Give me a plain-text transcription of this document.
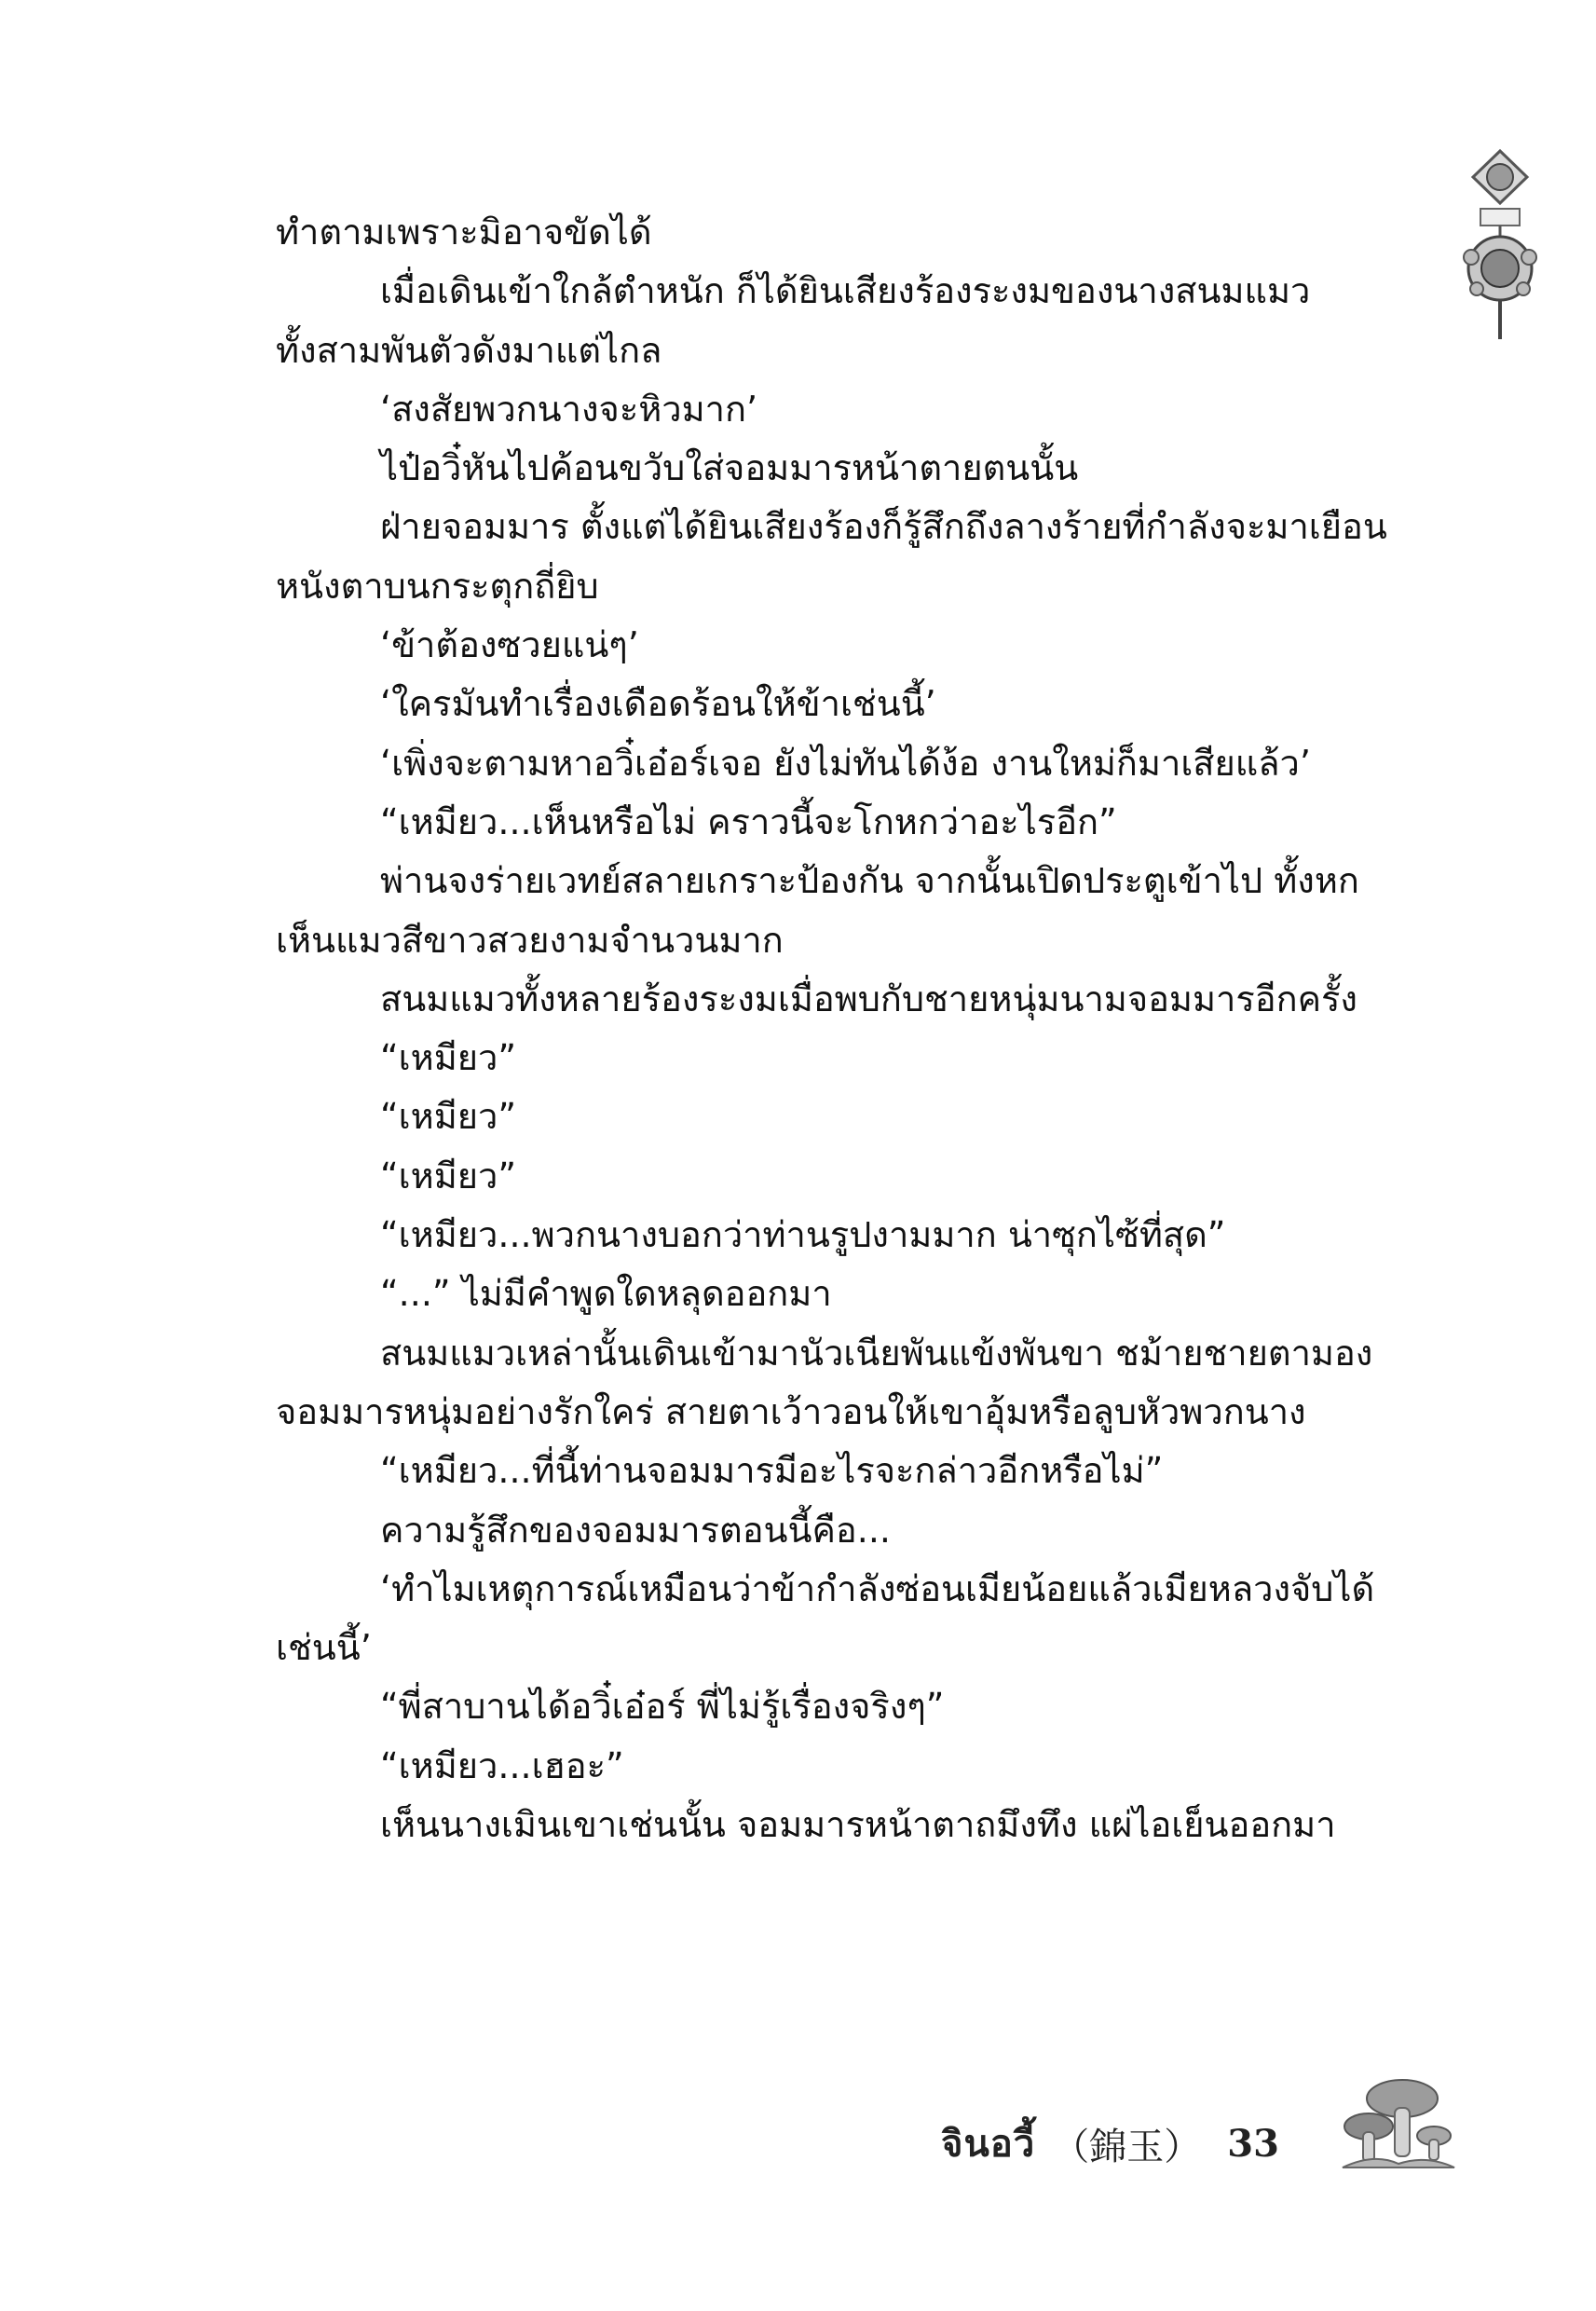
ทำตามเพราะมิอาจขัดได้
เมื่อเดินเข้าใกล้ตำหนัก ก็ได้ยินเสียงร้องระงมของนางสนมแมว
ทั้งสามพันตัวดังมาแต่ไกล
‘สงสัยพวกนางจะหิวมาก’
ไป๋อวิ๋หันไปค้อนขวับใส่จอมมารหน้าตายตนนั้น
ฝ่ายจอมมาร ตั้งแต่ได้ยินเสียงร้องก็รู้สึกถึงลางร้ายที่กำลังจะมาเยือน
หนังตาบนกระตุกถี่ยิบ
‘ข้าต้องซวยแน่ๆ’
‘ใครมันทำเรื่องเดือดร้อนให้ข้าเช่นนี้’
‘เพิ่งจะตามหาอวิ๋เอ๋อร์เจอ ยังไม่ทันได้ง้อ งานใหม่ก็มาเสียแล้ว’
“เหมียว...เห็นหรือไม่ คราวนี้จะโกหกว่าอะไรอีก”
พ่านจงร่ายเวทย์สลายเกราะป้องกัน จากนั้นเปิดประตูเข้าไป ทั้งหก
เห็นแมวสีขาวสวยงามจำนวนมาก
สนมแมวทั้งหลายร้องระงมเมื่อพบกับชายหนุ่มนามจอมมารอีกครั้ง
“เหมียว”
“เหมียว”
“เหมียว”
“เหมียว...พวกนางบอกว่าท่านรูปงามมาก น่าซุกไซ้ที่สุด”
“...” ไม่มีคำพูดใดหลุดออกมา
สนมแมวเหล่านั้นเดินเข้ามานัวเนียพันแข้งพันขา ชม้ายชายตามอง
จอมมารหนุ่มอย่างรักใคร่ สายตาเว้าวอนให้เขาอุ้มหรือลูบหัวพวกนาง
“เหมียว...ที่นี้ท่านจอมมารมีอะไรจะกล่าวอีกหรือไม่”
ความรู้สึกของจอมมารตอนนี้คือ...
‘ทำไมเหตุการณ์เหมือนว่าข้ากำลังซ่อนเมียน้อยแล้วเมียหลวงจับได้
เช่นนี้’
“พี่สาบานได้อวิ๋เอ๋อร์ พี่ไม่รู้เรื่องจริงๆ”
“เหมียว...เฮอะ”
เห็นนางเมินเขาเช่นนั้น จอมมารหน้าตาถมึงทึง แผ่ไอเย็นออกมา
จินอวี้ （錦玉） 33
